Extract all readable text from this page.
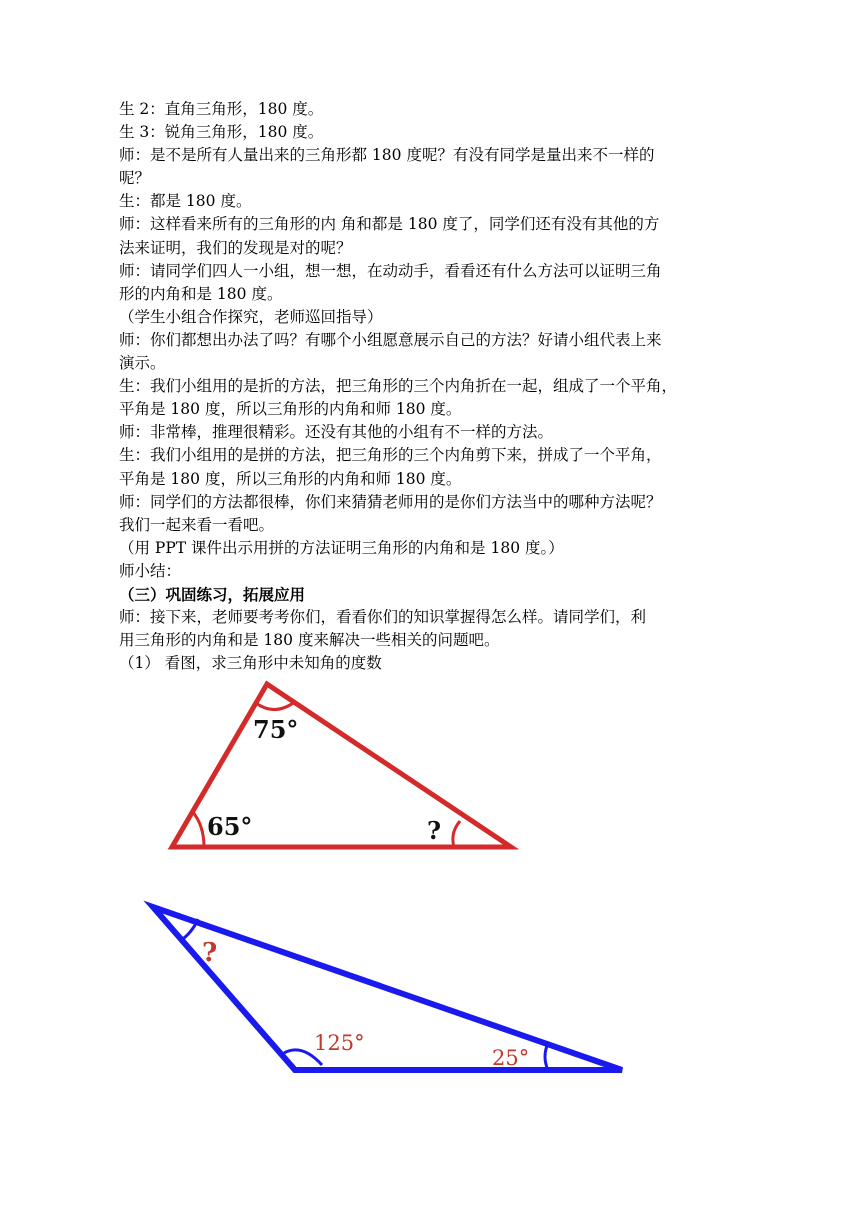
生 2：直角三角形，180 度。
生 3：锐角三角形，180 度。
师：是不是所有人量出来的三角形都 180 度呢？有没有同学是量出来不一样的
呢？
生：都是 180 度。
师：这样看来所有的三角形的内 角和都是 180 度了，同学们还有没有其他的方
法来证明，我们的发现是对的呢？
师：请同学们四人一小组，想一想，在动动手，看看还有什么方法可以证明三角
形的内角和是 180 度。
（学生小组合作探究，老师巡回指导）
师：你们都想出办法了吗？有哪个小组愿意展示自己的方法？好请小组代表上来
演示。
生：我们小组用的是折的方法，把三角形的三个内角折在一起，组成了一个平角，
平角是 180 度，所以三角形的内角和师 180 度。
师：非常棒，推理很精彩。还没有其他的小组有不一样的方法。
生：我们小组用的是拼的方法，把三角形的三个内角剪下来，拼成了一个平角，
平角是 180 度，所以三角形的内角和师 180 度。
师：同学们的方法都很棒，你们来猜猜老师用的是你们方法当中的哪种方法呢？
我们一起来看一看吧。
（用 PPT 课件出示用拼的方法证明三角形的内角和是 180 度。）
师小结：
（三）巩固练习，拓展应用
师：接下来，老师要考考你们，看看你们的知识掌握得怎么样。请同学们，利
用三角形的内角和是 180 度来解决一些相关的问题吧。
（1） 看图，求三角形中未知角的度数
75°
65°	?
?
125°
25°
